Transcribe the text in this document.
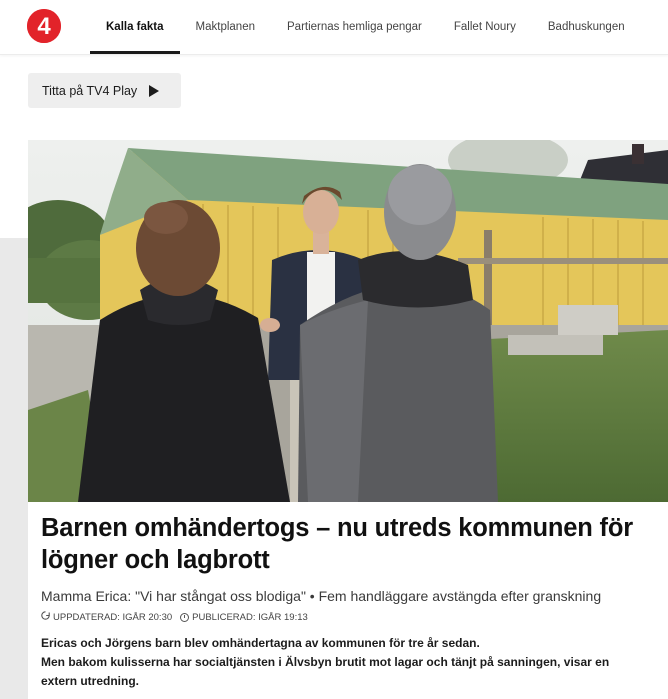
4	Kalla fakta	Maktplanen	Partiernas hemliga pengar	Fallet Noury	Badhuskungen
Titta på TV4 Play
Barnen omhändertogs – nu utreds kommunen för lögner och lagbrott
Mamma Erica: "Vi har stångat oss blodiga" • Fem handläggare avstängda efter granskning
UPPDATERAD: IGÅR 20:30 PUBLICERAD: IGÅR 19:13

Ericas och Jörgens barn blev omhändertagna av kommunen för tre år sedan.

Men bakom kulisserna har socialtjänsten i Älvsbyn brutit mot lagar och tänjt på sanningen, visar en extern utredning.
